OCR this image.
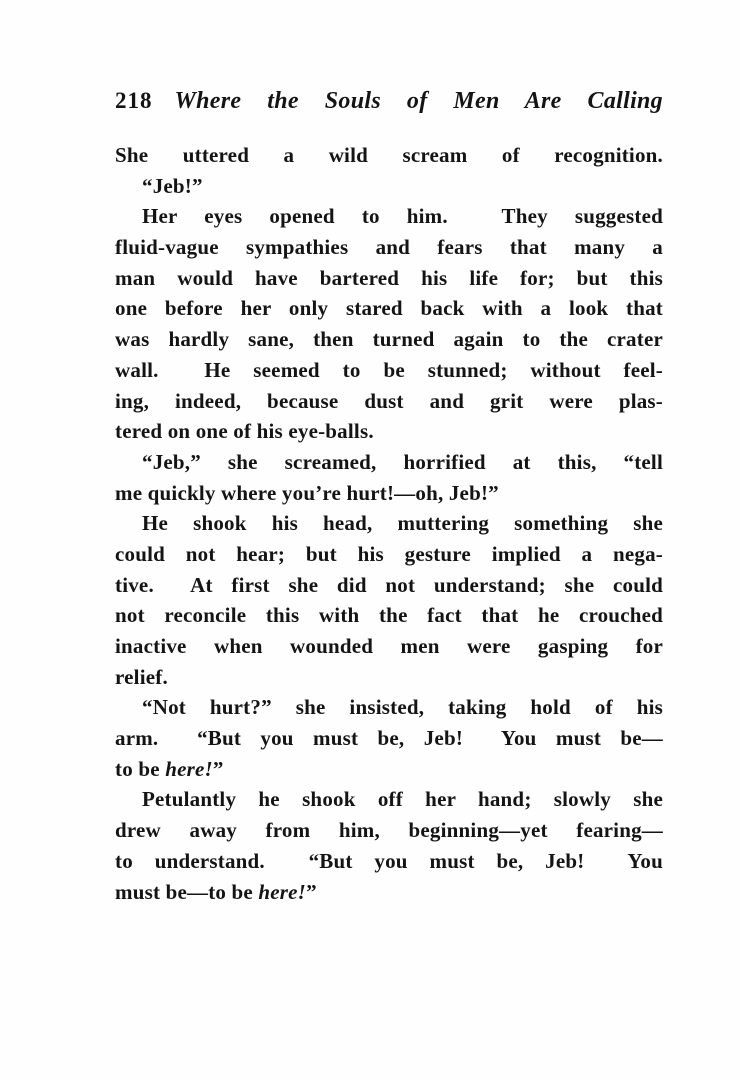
218 Where the Souls of Men Are Calling
She uttered a wild scream of recognition.
“Jeb!”
Her eyes opened to him.  They suggested
fluid-vague sympathies and fears that many a
man would have bartered his life for; but this
one before her only stared back with a look that
was hardly sane, then turned again to the crater
wall.  He seemed to be stunned; without feel-
ing, indeed, because dust and grit were plas-
tered on one of his eye-balls.
“Jeb,” she screamed, horrified at this, “tell
me quickly where you’re hurt!—oh, Jeb!”
He shook his head, muttering something she
could not hear; but his gesture implied a nega-
tive.  At first she did not understand; she could
not reconcile this with the fact that he crouched
inactive when wounded men were gasping for
relief.
“Not hurt?” she insisted, taking hold of his
arm.  “But you must be, Jeb!  You must be—
to be here!”
Petulantly he shook off her hand; slowly she
drew away from him, beginning—yet fearing—
to understand.  “But you must be, Jeb!  You
must be—to be here!”
